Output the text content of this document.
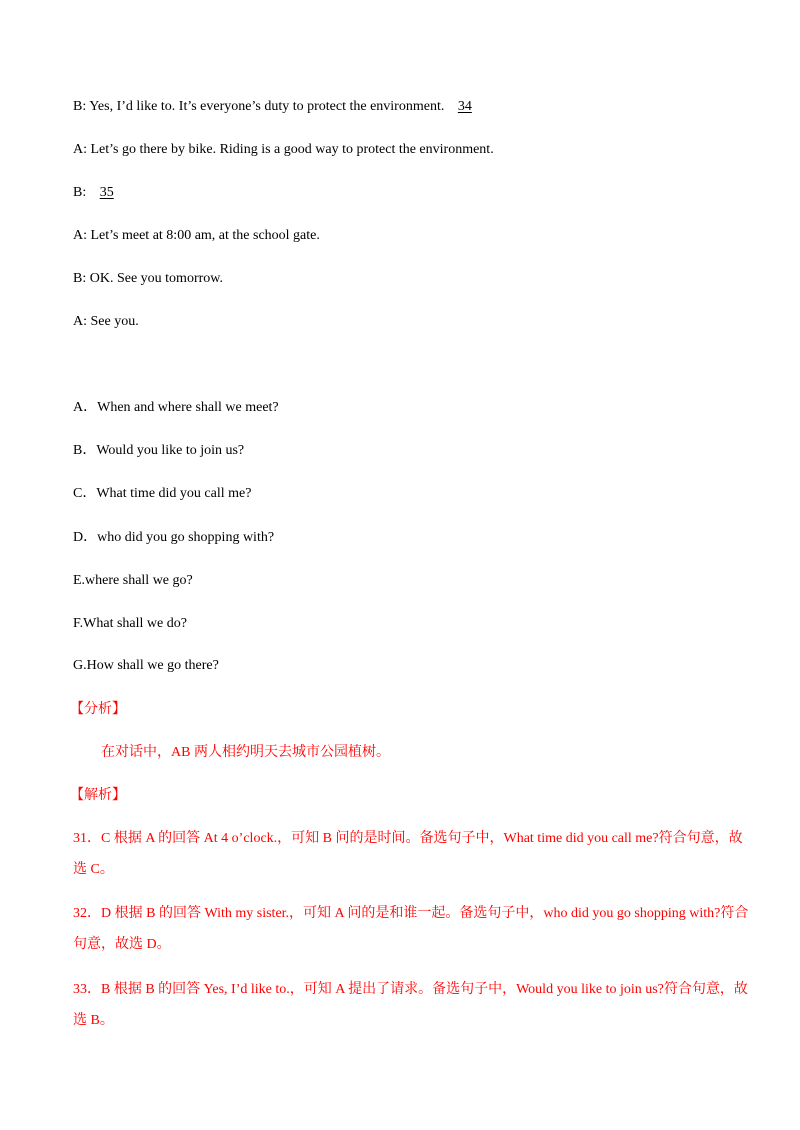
B: Yes, I’d like to. It’s everyone’s duty to protect the environment. 34
A: Let’s go there by bike. Riding is a good way to protect the environment.
B: 35
A: Let’s meet at 8:00 am, at the school gate.
B: OK. See you tomorrow.
A: See you.
A．When and where shall we meet?
B．Would you like to join us?
C．What time did you call me?
D．who did you go shopping with?
E.where shall we go?
F.What shall we do?
G.How shall we go there?
【分析】
在对话中，AB 两人相约明天去城市公园植树。
【解析】
31．C 根据 A 的回答 At 4 o’clock.，可知 B 问的是时间。备选句子中，What time did you call me?符合句意，故选 C。
32．D 根据 B 的回答 With my sister.，可知 A 问的是和谁一起。备选句子中，who did you go shopping with?符合句意，故选 D。
33．B 根据 B 的回答 Yes, I’d like to.，可知 A 提出了请求。备选句子中，Would you like to join us?符合句意，故选 B。
